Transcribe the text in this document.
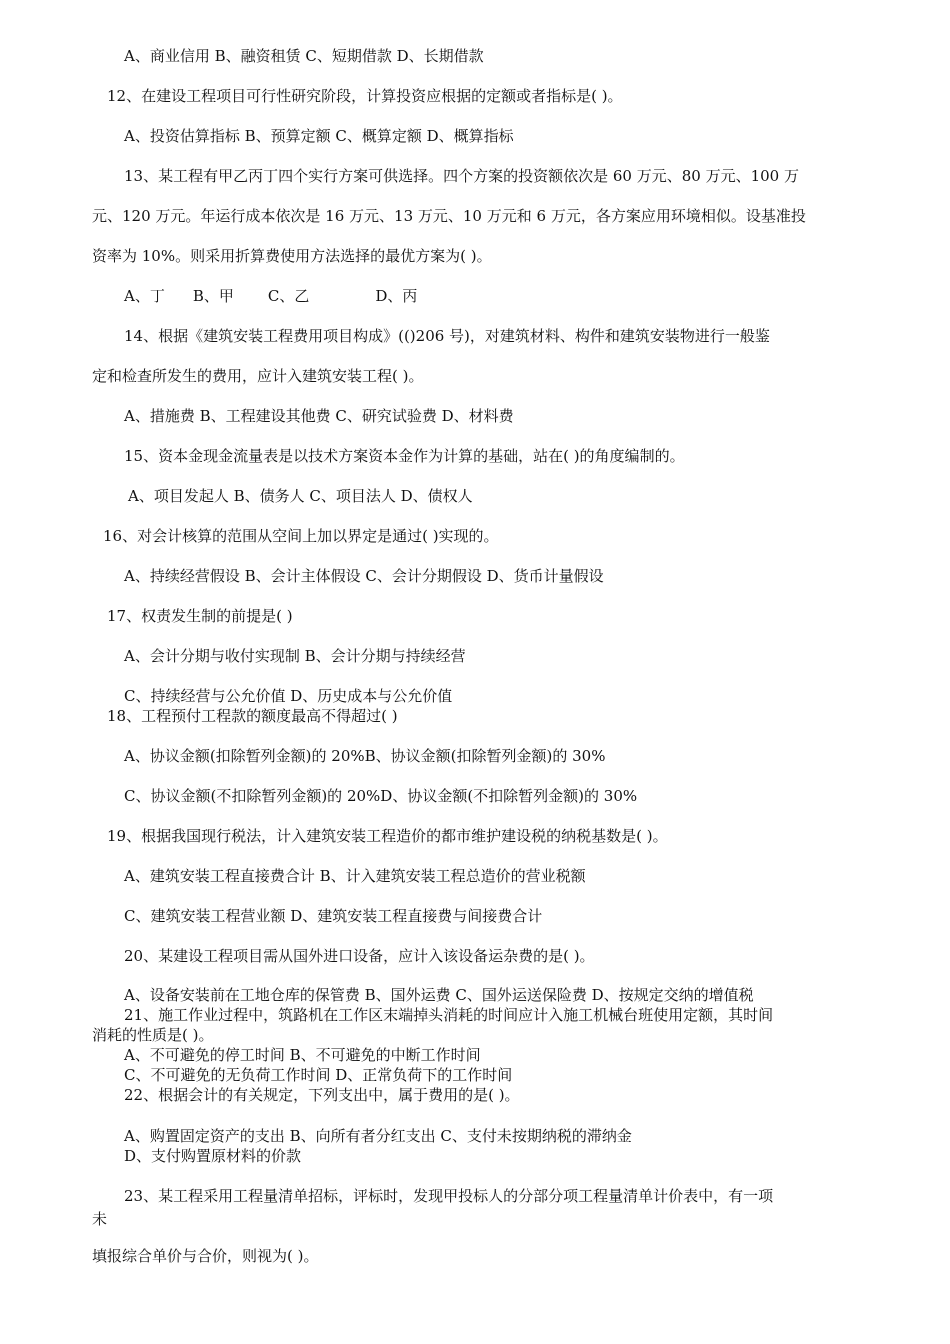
A、商业信用 B、融资租赁 C、短期借款 D、长期借款
12、在建设工程项目可行性研究阶段，计算投资应根据的定额或者指标是( )。
A、投资估算指标 B、预算定额 C、概算定额 D、概算指标
13、某工程有甲乙丙丁四个实行方案可供选择。四个方案的投资额依次是 60 万元、80 万元、100 万
元、120 万元。年运行成本依次是 16 万元、13 万元、10 万元和 6 万元，各方案应用环境相似。设基准投
资率为 10%。则采用折算费使用方法选择的最优方案为( )。
A、丁 B、甲 C、乙	D、丙
14、根据《建筑安装工程费用项目构成》(()206 号)，对建筑材料、构件和建筑安装物进行一般鉴
定和检查所发生的费用，应计入建筑安装工程( )。
A、措施费 B、工程建设其他费 C、研究试验费 D、材料费
15、资本金现金流量表是以技术方案资本金作为计算的基础，站在( )的角度编制的。
A、项目发起人 B、债务人 C、项目法人 D、债权人
16、对会计核算的范围从空间上加以界定是通过( )实现的。
A、持续经营假设 B、会计主体假设 C、会计分期假设 D、货币计量假设
17、权责发生制的前提是( )
A、会计分期与收付实现制 B、会计分期与持续经营
C、持续经营与公允价值 D、历史成本与公允价值
18、工程预付工程款的额度最高不得超过( )
A、协议金额(扣除暂列金额)的 20%B、协议金额(扣除暂列金额)的 30%
C、协议金额(不扣除暂列金额)的 20%D、协议金额(不扣除暂列金额)的 30%
19、根据我国现行税法，计入建筑安装工程造价的都市维护建设税的纳税基数是( )。
A、建筑安装工程直接费合计 B、计入建筑安装工程总造价的营业税额
C、建筑安装工程营业额 D、建筑安装工程直接费与间接费合计
20、某建设工程项目需从国外进口设备，应计入该设备运杂费的是( )。
A、设备安装前在工地仓库的保管费 B、国外运费 C、国外运送保险费 D、按规定交纳的增值税
21、施工作业过程中，筑路机在工作区末端掉头消耗的时间应计入施工机械台班使用定额，其时间
消耗的性质是( )。
A、不可避免的停工时间 B、不可避免的中断工作时间
C、不可避免的无负荷工作时间 D、正常负荷下的工作时间
22、根据会计的有关规定，下列支出中，属于费用的是( )。
A、购置固定资产的支出 B、向所有者分红支出 C、支付未按期纳税的滞纳金
D、支付购置原材料的价款
23、某工程采用工程量清单招标，评标时，发现甲投标人的分部分项工程量清单计价表中，有一项
未
填报综合单价与合价，则视为( )。
